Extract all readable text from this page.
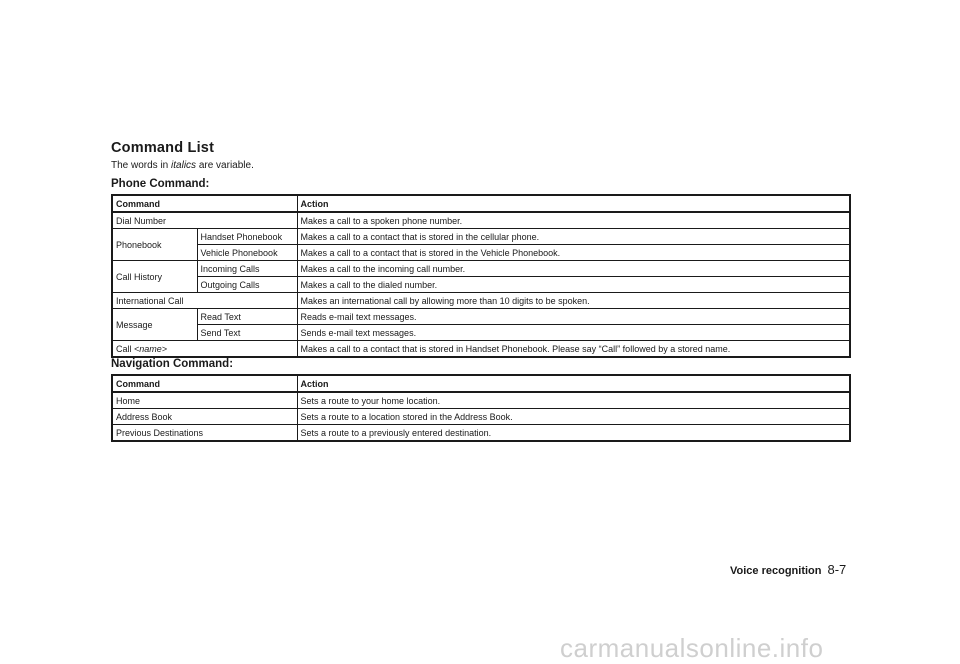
Command List

The words in italics are variable.

Phone Command:
Command		Action
Dial Number		Makes a call to a spoken phone number.
Phonebook	Handset Phonebook	Makes a call to a contact that is stored in the cellular phone.
	Vehicle Phonebook	Makes a call to a contact that is stored in the Vehicle Phonebook.
Call History	Incoming Calls	Makes a call to the incoming call number.
	Outgoing Calls	Makes a call to the dialed number.
International Call		Makes an international call by allowing more than 10 digits to be spoken.
Message	Read Text	Reads e-mail text messages.
	Send Text	Sends e-mail text messages.
Call <name>		Makes a call to a contact that is stored in Handset Phonebook. Please say “Call” followed by a stored name.
Navigation Command:
Command	Action
Home	Sets a route to your home location.
Address Book	Sets a route to a location stored in the Address Book.
Previous Destinations	Sets a route to a previously entered destination.
Voice recognition 8-7
carmanualsonline.info
